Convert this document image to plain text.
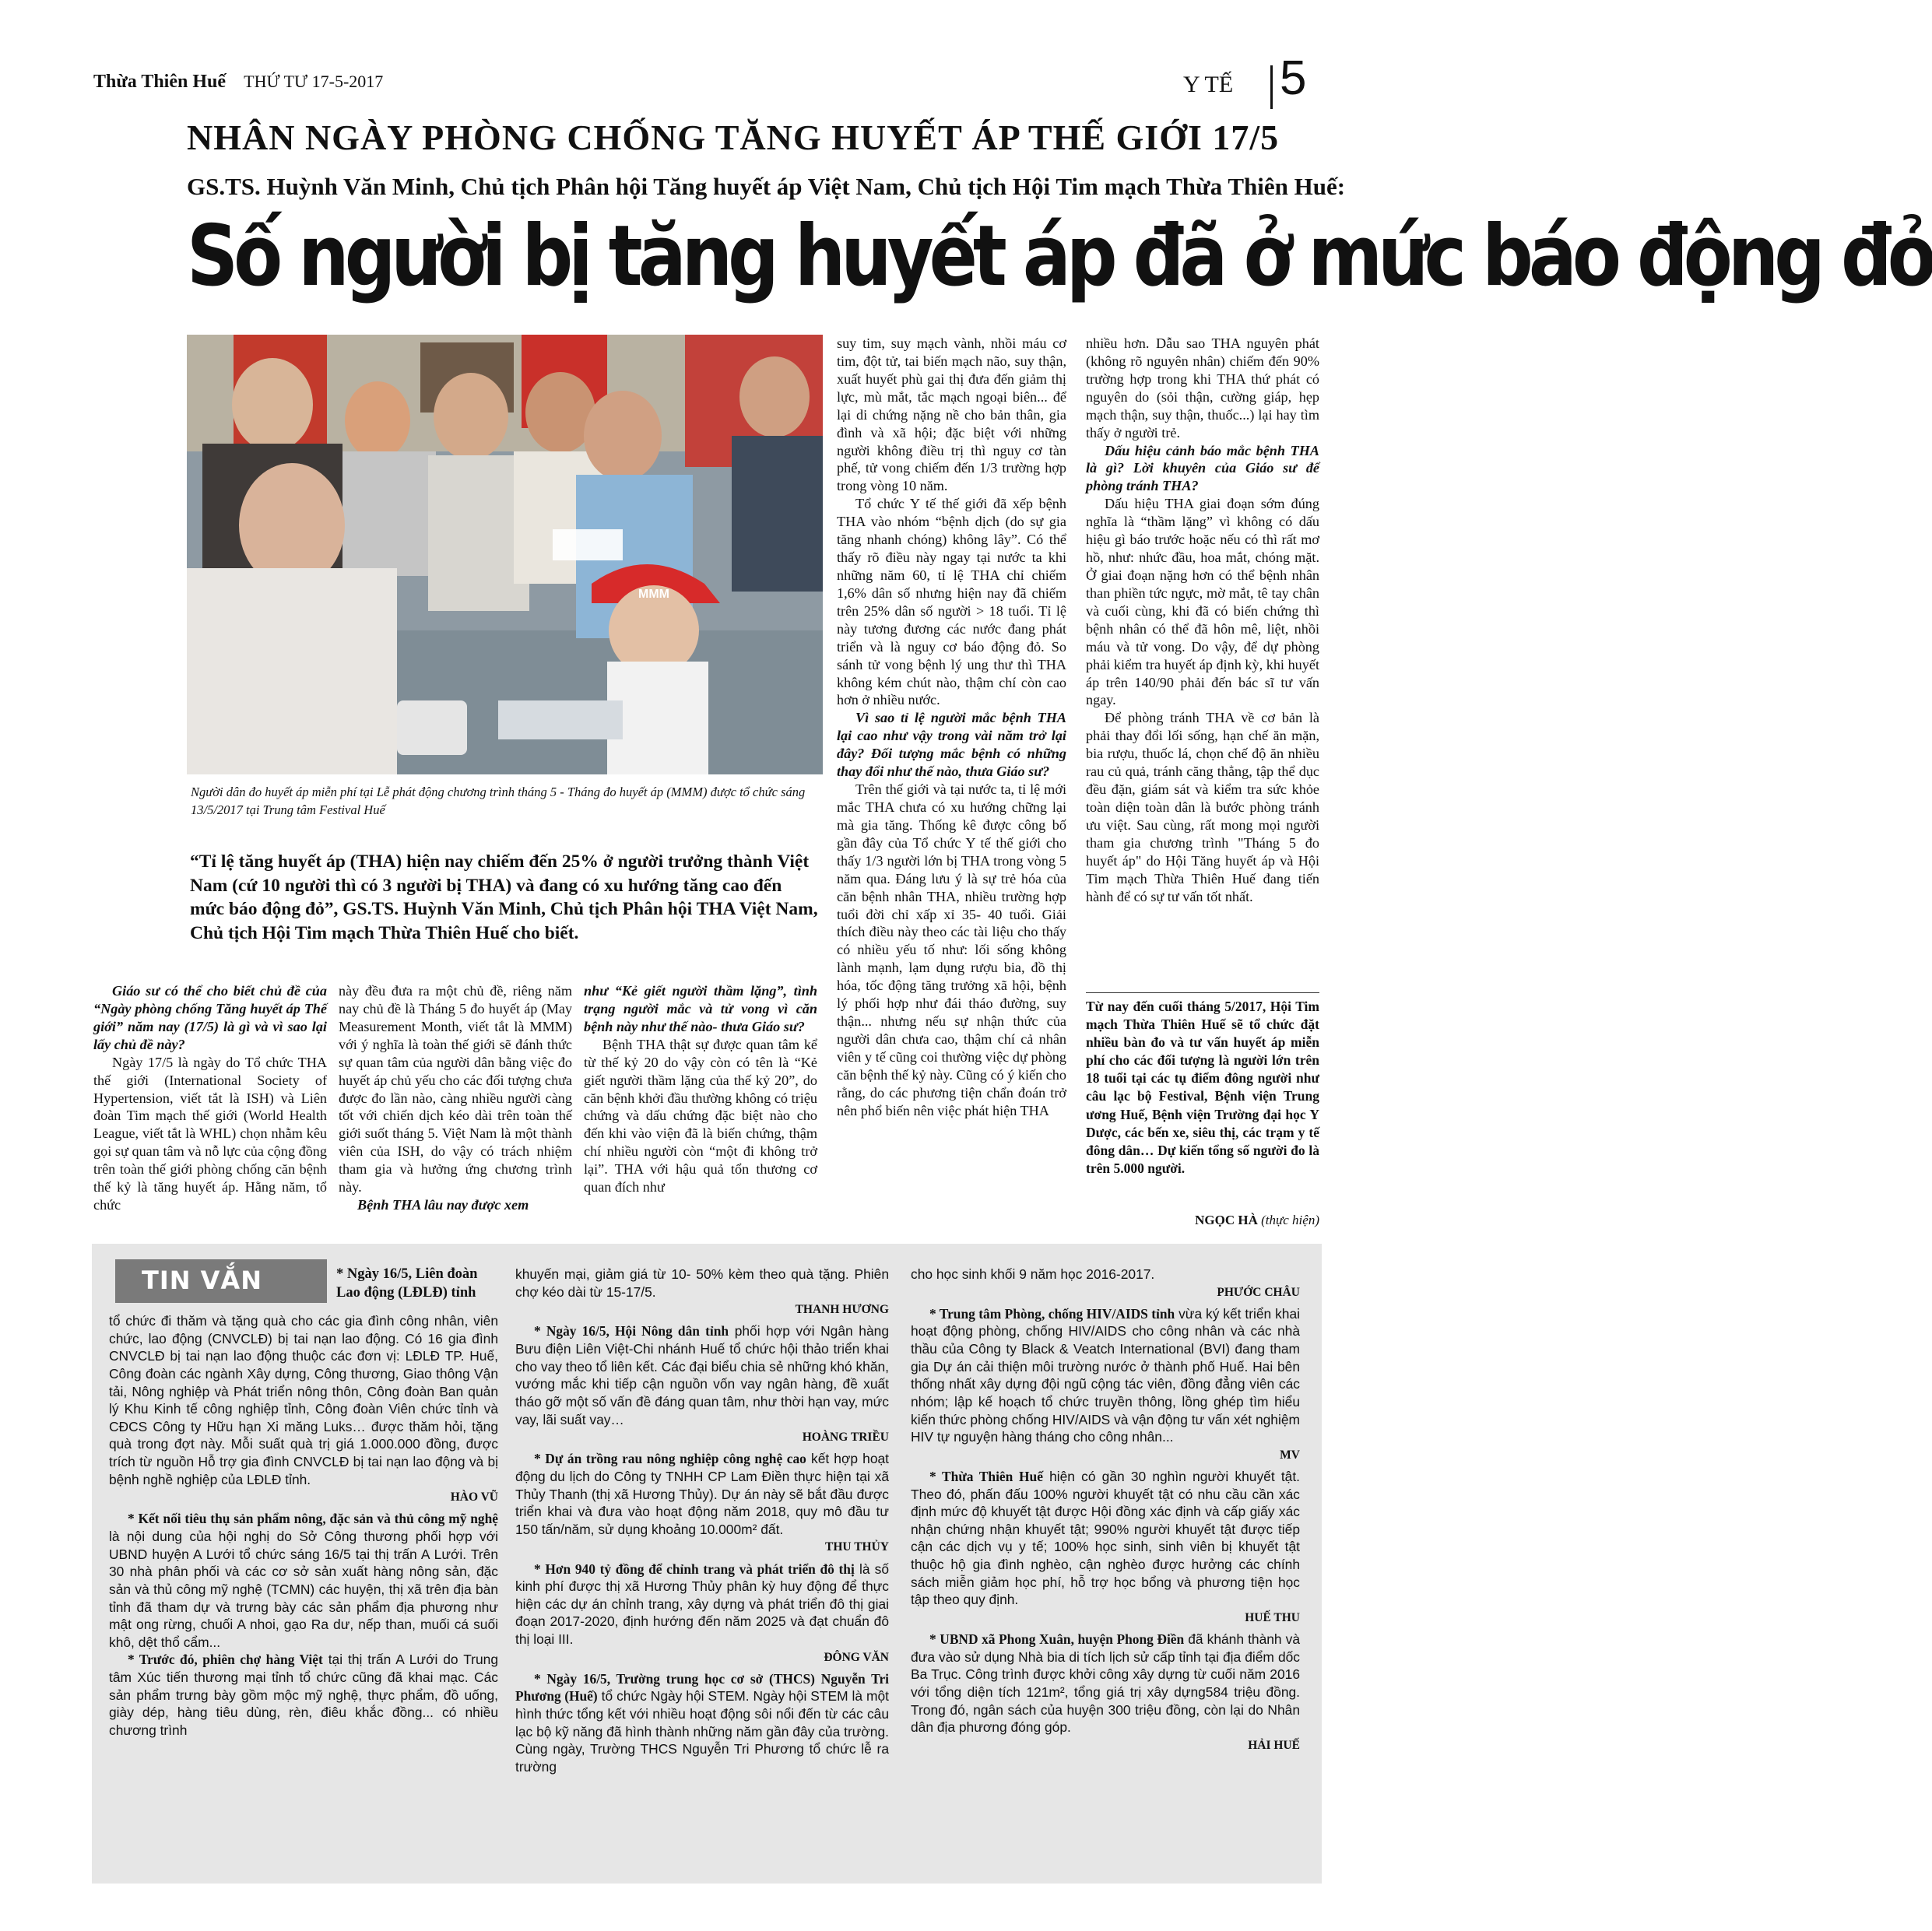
Thừa Thiên Huế THỨ TƯ 17-5-2017	Y TẾ 5
NHÂN NGÀY PHÒNG CHỐNG TĂNG HUYẾT ÁP THẾ GIỚI 17/5
GS.TS. Huỳnh Văn Minh, Chủ tịch Phân hội Tăng huyết áp Việt Nam, Chủ tịch Hội Tim mạch Thừa Thiên Huế:
Số người bị tăng huyết áp đã ở mức báo động đỏ
MMM
Người dân đo huyết áp miễn phí tại Lễ phát động chương trình tháng 5 - Tháng đo huyết áp (MMM) được tổ chức sáng 13/5/2017 tại Trung tâm Festival Huế
“Tỉ lệ tăng huyết áp (THA) hiện nay chiếm đến 25% ở người trưởng thành Việt Nam (cứ 10 người thì có 3 người bị THA) và đang có xu hướng tăng cao đến mức báo động đỏ”, GS.TS. Huỳnh Văn Minh, Chủ tịch Phân hội THA Việt Nam, Chủ tịch Hội Tim mạch Thừa Thiên Huế cho biết.

Giáo sư có thể cho biết chủ đề của “Ngày phòng chống Tăng huyết áp Thế giới” năm nay (17/5) là gì và vì sao lại lấy chủ đề này?

Ngày 17/5 là ngày do Tổ chức THA thế giới (International Society of Hypertension, viết tắt là ISH) và Liên đoàn Tim mạch thế giới (World Health League, viết tắt là WHL) chọn nhằm kêu gọi sự quan tâm và nỗ lực của cộng đồng trên toàn thế giới phòng chống căn bệnh thế kỷ là tăng huyết áp. Hằng năm, tổ chức

này đều đưa ra một chủ đề, riêng năm nay chủ đề là Tháng 5 đo huyết áp (May Measurement Month, viết tắt là MMM) với ý nghĩa là toàn thế giới sẽ đánh thức sự quan tâm của người dân bằng việc đo huyết áp chủ yếu cho các đối tượng chưa được đo lần nào, càng nhiều người càng tốt với chiến dịch kéo dài trên toàn thế giới suốt tháng 5. Việt Nam là một thành viên của ISH, do vậy có trách nhiệm tham gia và hưởng ứng chương trình này.

Bệnh THA lâu nay được xem

như “Kẻ giết người thầm lặng”, tình trạng người mắc và tử vong vì căn bệnh này như thế nào- thưa Giáo sư?

Bệnh THA thật sự được quan tâm kể từ thế kỷ 20 do vậy còn có tên là “Kẻ giết người thầm lặng của thế kỷ 20”, do căn bệnh khởi đầu thường không có triệu chứng và dấu chứng đặc biệt nào cho đến khi vào viện đã là biến chứng, thậm chí nhiều người còn “một đi không trở lại”. THA với hậu quả tổn thương cơ quan đích như

suy tim, suy mạch vành, nhồi máu cơ tim, đột tử, tai biến mạch não, suy thận, xuất huyết phù gai thị đưa đến giảm thị lực, mù mắt, tắc mạch ngoại biên... để lại di chứng nặng nề cho bản thân, gia đình và xã hội; đặc biệt với những người không điều trị thì nguy cơ tàn phế, tử vong chiếm đến 1/3 trường hợp trong vòng 10 năm.

Tổ chức Y tế thế giới đã xếp bệnh THA vào nhóm “bệnh dịch (do sự gia tăng nhanh chóng) không lây”. Có thể thấy rõ điều này ngay tại nước ta khi những năm 60, tỉ lệ THA chỉ chiếm 1,6% dân số nhưng hiện nay đã chiếm trên 25% dân số người > 18 tuổi. Tỉ lệ này tương đương các nước đang phát triển và là nguy cơ báo động đỏ. So sánh tử vong bệnh lý ung thư thì THA không kém chút nào, thậm chí còn cao hơn ở nhiều nước.

Vì sao tỉ lệ người mắc bệnh THA lại cao như vậy trong vài năm trở lại đây? Đối tượng mắc bệnh có những thay đổi như thế nào, thưa Giáo sư?

Trên thế giới và tại nước ta, tỉ lệ mới mắc THA chưa có xu hướng chững lại mà gia tăng. Thống kê được công bố gần đây của Tổ chức Y tế thế giới cho thấy 1/3 người lớn bị THA trong vòng 5 năm qua. Đáng lưu ý là sự trẻ hóa của căn bệnh nhân THA, nhiều trường hợp tuổi đời chỉ xấp xỉ 35- 40 tuổi. Giải thích điều này theo các tài liệu cho thấy có nhiều yếu tố như: lối sống không lành mạnh, lạm dụng rượu bia, đồ thị hóa, tốc động tăng trưởng xã hội, bệnh lý phối hợp như đái tháo đường, suy thận... nhưng nếu sự nhận thức của người dân chưa cao, thậm chí cả nhân viên y tế cũng coi thường việc dự phòng căn bệnh thế kỷ này. Cũng có ý kiến cho rằng, do các phương tiện chẩn đoán trở nên phổ biến nên việc phát hiện THA

nhiều hơn. Dẫu sao THA nguyên phát (không rõ nguyên nhân) chiếm đến 90% trường hợp trong khi THA thứ phát có nguyên do (sỏi thận, cường giáp, hẹp mạch thận, suy thận, thuốc...) lại hay tìm thấy ở người trẻ.

Dấu hiệu cảnh báo mắc bệnh THA là gì? Lời khuyên của Giáo sư để phòng tránh THA?

Dấu hiệu THA giai đoạn sớm đúng nghĩa là “thầm lặng” vì không có dấu hiệu gì báo trước hoặc nếu có thì rất mơ hồ, như: nhức đầu, hoa mắt, chóng mặt. Ở giai đoạn nặng hơn có thể bệnh nhân than phiền tức ngực, mờ mắt, tê tay chân và cuối cùng, khi đã có biến chứng thì bệnh nhân có thể đã hôn mê, liệt, nhồi máu và tử vong. Do vậy, để dự phòng phải kiểm tra huyết áp định kỳ, khi huyết áp trên 140/90 phải đến bác sĩ tư vấn ngay.

Để phòng tránh THA về cơ bản là phải thay đổi lối sống, hạn chế ăn mặn, bia rượu, thuốc lá, chọn chế độ ăn nhiều rau củ quả, tránh căng thẳng, tập thể dục đều đặn, giám sát và kiểm tra sức khỏe toàn diện toàn dân là bước phòng tránh ưu việt. Sau cùng, rất mong mọi người tham gia chương trình "Tháng 5 đo huyết áp" do Hội Tăng huyết áp và Hội Tim mạch Thừa Thiên Huế đang tiến hành để có sự tư vấn tốt nhất.

Từ nay đến cuối tháng 5/2017, Hội Tim mạch Thừa Thiên Huế sẽ tổ chức đặt nhiều bàn đo và tư vấn huyết áp miễn phí cho các đối tượng là người lớn trên 18 tuổi tại các tụ điểm đông người như câu lạc bộ Festival, Bệnh viện Trung ương Huế, Bệnh viện Trường đại học Y Dược, các bến xe, siêu thị, các trạm y tế đông dân… Dự kiến tổng số người đo là trên 5.000 người.
NGỌC HÀ (thực hiện)
TIN VẮN	* Ngày 16/5, Liên đoàn Lao động (LĐLĐ) tỉnh

tổ chức đi thăm và tặng quà cho các gia đình công nhân, viên chức, lao động (CNVCLĐ) bị tai nạn lao động. Có 16 gia đình CNVCLĐ bị tai nạn lao động thuộc các đơn vị: LĐLĐ TP. Huế, Công đoàn các ngành Xây dựng, Công thương, Giao thông Vận tải, Nông nghiệp và Phát triển nông thôn, Công đoàn Ban quản lý Khu Kinh tế công nghiệp tỉnh, Công đoàn Viên chức tỉnh và CĐCS Công ty Hữu hạn Xi măng Luks… được thăm hỏi, tặng quà trong đợt này. Mỗi suất quà trị giá 1.000.000 đồng, được trích từ nguồn Hỗ trợ gia đình CNVCLĐ bị tai nạn lao động và bị bệnh nghề nghiệp của LĐLĐ tỉnh.

HÀO VŨ

* Kết nối tiêu thụ sản phẩm nông, đặc sản và thủ công mỹ nghệ là nội dung của hội nghị do Sở Công thương phối hợp với UBND huyện A Lưới tổ chức sáng 16/5 tại thị trấn A Lưới. Trên 30 nhà phân phối và các cơ sở sản xuất hàng nông sản, đặc sản và thủ công mỹ nghệ (TCMN) các huyện, thị xã trên địa bàn tỉnh đã tham dự và trưng bày các sản phẩm địa phương như mật ong rừng, chuối A nhoi, gạo Ra dư, nếp than, muối cá suối khô, dệt thổ cẩm...

* Trước đó, phiên chợ hàng Việt tại thị trấn A Lưới do Trung tâm Xúc tiến thương mại tỉnh tổ chức cũng đã khai mạc. Các sản phẩm trưng bày gồm mộc mỹ nghệ, thực phẩm, đồ uống, giày dép, hàng tiêu dùng, rèn, điêu khắc đồng... có nhiều chương trình

khuyến mại, giảm giá từ 10- 50% kèm theo quà tặng. Phiên chợ kéo dài từ 15-17/5.

THANH HƯƠNG

* Ngày 16/5, Hội Nông dân tỉnh phối hợp với Ngân hàng Bưu điện Liên Việt-Chi nhánh Huế tổ chức hội thảo triển khai cho vay theo tổ liên kết. Các đại biểu chia sẻ những khó khăn, vướng mắc khi tiếp cận nguồn vốn vay ngân hàng, đề xuất tháo gỡ một số vấn đề đáng quan tâm, như thời hạn vay, mức vay, lãi suất vay…

HOÀNG TRIỀU

* Dự án trồng rau nông nghiệp công nghệ cao kết hợp hoạt động du lịch do Công ty TNHH CP Lam Điền thực hiện tại xã Thủy Thanh (thị xã Hương Thủy). Dự án này sẽ bắt đầu được triển khai và đưa vào hoạt động năm 2018, quy mô đầu tư 150 tấn/năm, sử dụng khoảng 10.000m² đất.

THU THỦY

* Hơn 940 tỷ đồng để chỉnh trang và phát triển đô thị là số kinh phí được thị xã Hương Thủy phân kỳ huy động để thực hiện các dự án chỉnh trang, xây dựng và phát triển đô thị giai đoạn 2017-2020, định hướng đến năm 2025 và đạt chuẩn đô thị loại III.

ĐÔNG VĂN

* Ngày 16/5, Trường trung học cơ sở (THCS) Nguyễn Tri Phương (Huế) tổ chức Ngày hội STEM. Ngày hội STEM là một hình thức tổng kết với nhiều hoạt động sôi nổi đến từ các câu lạc bộ kỹ năng đã hình thành những năm gần đây của trường. Cùng ngày, Trường THCS Nguyễn Tri Phương tổ chức lễ ra trường

cho học sinh khối 9 năm học 2016-2017.

PHƯỚC CHÂU

* Trung tâm Phòng, chống HIV/AIDS tỉnh vừa ký kết triển khai hoạt động phòng, chống HIV/AIDS cho công nhân và các nhà thầu của Công ty Black & Veatch International (BVI) đang tham gia Dự án cải thiện môi trường nước ở thành phố Huế. Hai bên thống nhất xây dựng đội ngũ cộng tác viên, đồng đẳng viên các nhóm; lập kế hoạch tổ chức truyền thông, lồng ghép tìm hiểu kiến thức phòng chống HIV/AIDS và vận động tư vấn xét nghiệm HIV tự nguyện hàng tháng cho công nhân...

MV

* Thừa Thiên Huế hiện có gần 30 nghìn người khuyết tật. Theo đó, phấn đấu 100% người khuyết tật có nhu cầu cần xác định mức độ khuyết tật được Hội đồng xác định và cấp giấy xác nhận chứng nhận khuyết tật; 990% người khuyết tật được tiếp cận các dịch vụ y tế; 100% học sinh, sinh viên bị khuyết tật thuộc hộ gia đình nghèo, cận nghèo được hưởng các chính sách miễn giảm học phí, hỗ trợ học bổng và phương tiện học tập theo quy định.

HUẾ THU

* UBND xã Phong Xuân, huyện Phong Điền đã khánh thành và đưa vào sử dụng Nhà bia di tích lịch sử cấp tỉnh tại địa điểm dốc Ba Trục. Công trình được khởi công xây dựng từ cuối năm 2016 với tổng diện tích 121m², tổng giá trị xây dựng584 triệu đồng. Trong đó, ngân sách của huyện 300 triệu đồng, còn lại do Nhân dân địa phương đóng góp.

HẢI HUẾ
